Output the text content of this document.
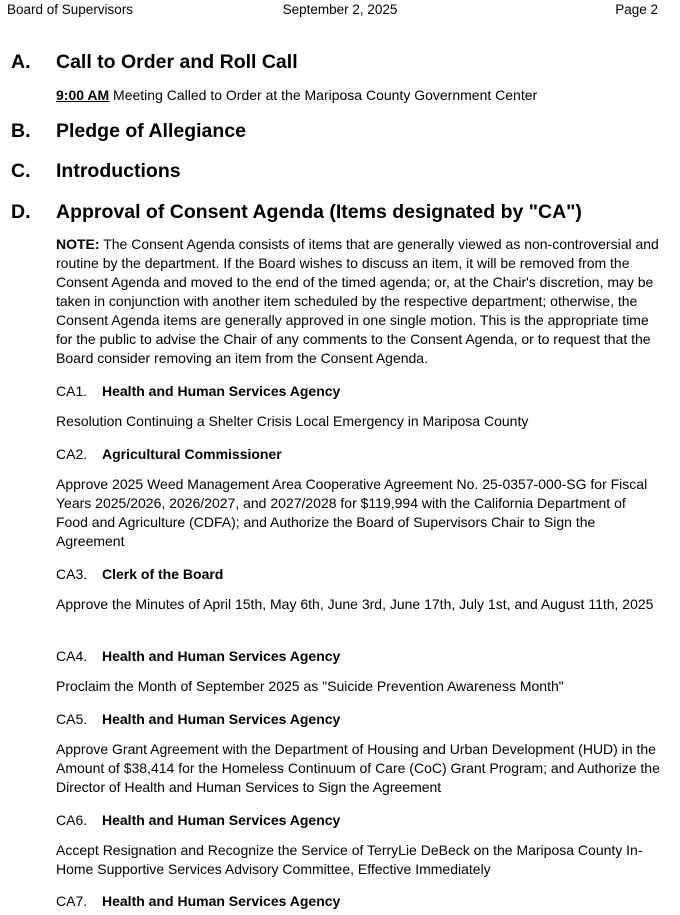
Board of Supervisors	September 2, 2025	Page 2
A. Call to Order and Roll Call
9:00 AM Meeting Called to Order at the Mariposa County Government Center
B. Pledge of Allegiance
C. Introductions
D. Approval of Consent Agenda (Items designated by "CA")
NOTE: The Consent Agenda consists of items that are generally viewed as non-controversial and routine by the department. If the Board wishes to discuss an item, it will be removed from the Consent Agenda and moved to the end of the timed agenda; or, at the Chair's discretion, may be taken in conjunction with another item scheduled by the respective department; otherwise, the Consent Agenda items are generally approved in one single motion. This is the appropriate time for the public to advise the Chair of any comments to the Consent Agenda, or to request that the Board consider removing an item from the Consent Agenda.
CA1. Health and Human Services Agency
Resolution Continuing a Shelter Crisis Local Emergency in Mariposa County
CA2. Agricultural Commissioner
Approve 2025 Weed Management Area Cooperative Agreement No. 25-0357-000-SG for Fiscal Years 2025/2026, 2026/2027, and 2027/2028 for $119,994 with the California Department of Food and Agriculture (CDFA); and Authorize the Board of Supervisors Chair to Sign the Agreement
CA3. Clerk of the Board
Approve the Minutes of April 15th, May 6th, June 3rd, June 17th, July 1st, and August 11th, 2025
CA4. Health and Human Services Agency
Proclaim the Month of September 2025 as "Suicide Prevention Awareness Month"
CA5. Health and Human Services Agency
Approve Grant Agreement with the Department of Housing and Urban Development (HUD) in the Amount of $38,414 for the Homeless Continuum of Care (CoC) Grant Program; and Authorize the Director of Health and Human Services to Sign the Agreement
CA6. Health and Human Services Agency
Accept Resignation and Recognize the Service of TerryLie DeBeck on the Mariposa County In-Home Supportive Services Advisory Committee, Effective Immediately
CA7. Health and Human Services Agency
